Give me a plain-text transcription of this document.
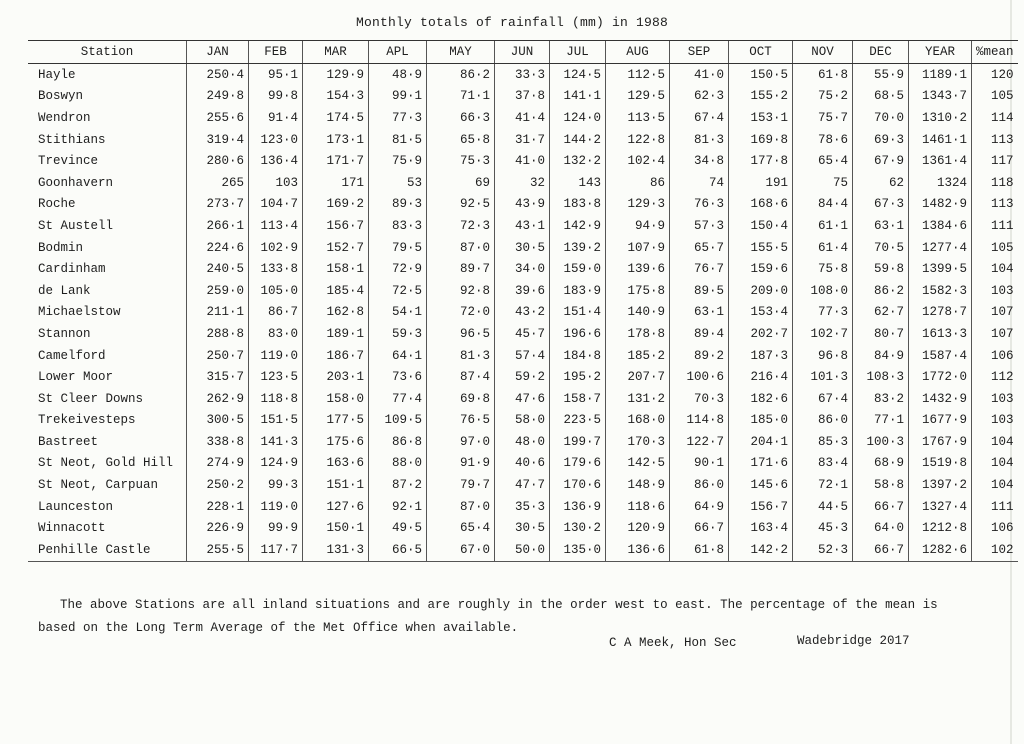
Monthly totals of rainfall (mm) in 1988
Station	JAN	FEB	MAR	APL	MAY	JUN	JUL	AUG	SEP	OCT	NOV	DEC	YEAR	%mean
Hayle	250·4	95·1	129·9	48·9	86·2	33·3	124·5	112·5	41·0	150·5	61·8	55·9	1189·1	120
Boswyn	249·8	99·8	154·3	99·1	71·1	37·8	141·1	129·5	62·3	155·2	75·2	68·5	1343·7	105
Wendron	255·6	91·4	174·5	77·3	66·3	41·4	124·0	113·5	67·4	153·1	75·7	70·0	1310·2	114
Stithians	319·4	123·0	173·1	81·5	65·8	31·7	144·2	122·8	81·3	169·8	78·6	69·3	1461·1	113
Trevince	280·6	136·4	171·7	75·9	75·3	41·0	132·2	102·4	34·8	177·8	65·4	67·9	1361·4	117
Goonhavern	265	103	171	53	69	32	143	86	74	191	75	62	1324	118
Roche	273·7	104·7	169·2	89·3	92·5	43·9	183·8	129·3	76·3	168·6	84·4	67·3	1482·9	113
St Austell	266·1	113·4	156·7	83·3	72·3	43·1	142·9	94·9	57·3	150·4	61·1	63·1	1384·6	111
Bodmin	224·6	102·9	152·7	79·5	87·0	30·5	139·2	107·9	65·7	155·5	61·4	70·5	1277·4	105
Cardinham	240·5	133·8	158·1	72·9	89·7	34·0	159·0	139·6	76·7	159·6	75·8	59·8	1399·5	104
de Lank	259·0	105·0	185·4	72·5	92·8	39·6	183·9	175·8	89·5	209·0	108·0	86·2	1582·3	103
Michaelstow	211·1	86·7	162·8	54·1	72·0	43·2	151·4	140·9	63·1	153·4	77·3	62·7	1278·7	107
Stannon	288·8	83·0	189·1	59·3	96·5	45·7	196·6	178·8	89·4	202·7	102·7	80·7	1613·3	107
Camelford	250·7	119·0	186·7	64·1	81·3	57·4	184·8	185·2	89·2	187·3	96·8	84·9	1587·4	106
Lower Moor	315·7	123·5	203·1	73·6	87·4	59·2	195·2	207·7	100·6	216·4	101·3	108·3	1772·0	112
St Cleer Downs	262·9	118·8	158·0	77·4	69·8	47·6	158·7	131·2	70·3	182·6	67·4	83·2	1432·9	103
Trekeivesteps	300·5	151·5	177·5	109·5	76·5	58·0	223·5	168·0	114·8	185·0	86·0	77·1	1677·9	103
Bastreet	338·8	141·3	175·6	86·8	97·0	48·0	199·7	170·3	122·7	204·1	85·3	100·3	1767·9	104
St Neot, Gold Hill	274·9	124·9	163·6	88·0	91·9	40·6	179·6	142·5	90·1	171·6	83·4	68·9	1519·8	104
St Neot, Carpuan	250·2	99·3	151·1	87·2	79·7	47·7	170·6	148·9	86·0	145·6	72·1	58·8	1397·2	104
Launceston	228·1	119·0	127·6	92·1	87·0	35·3	136·9	118·6	64·9	156·7	44·5	66·7	1327·4	111
Winnacott	226·9	99·9	150·1	49·5	65·4	30·5	130·2	120·9	66·7	163·4	45·3	64·0	1212·8	106
Penhille Castle	255·5	117·7	131·3	66·5	67·0	50·0	135·0	136·6	61·8	142·2	52·3	66·7	1282·6	102
The above Stations are all inland situations and are roughly in the order west to east. The percentage of the mean is
based on the Long Term Average of the Met Office when available.
C A Meek, Hon Sec	Wadebridge 2017
